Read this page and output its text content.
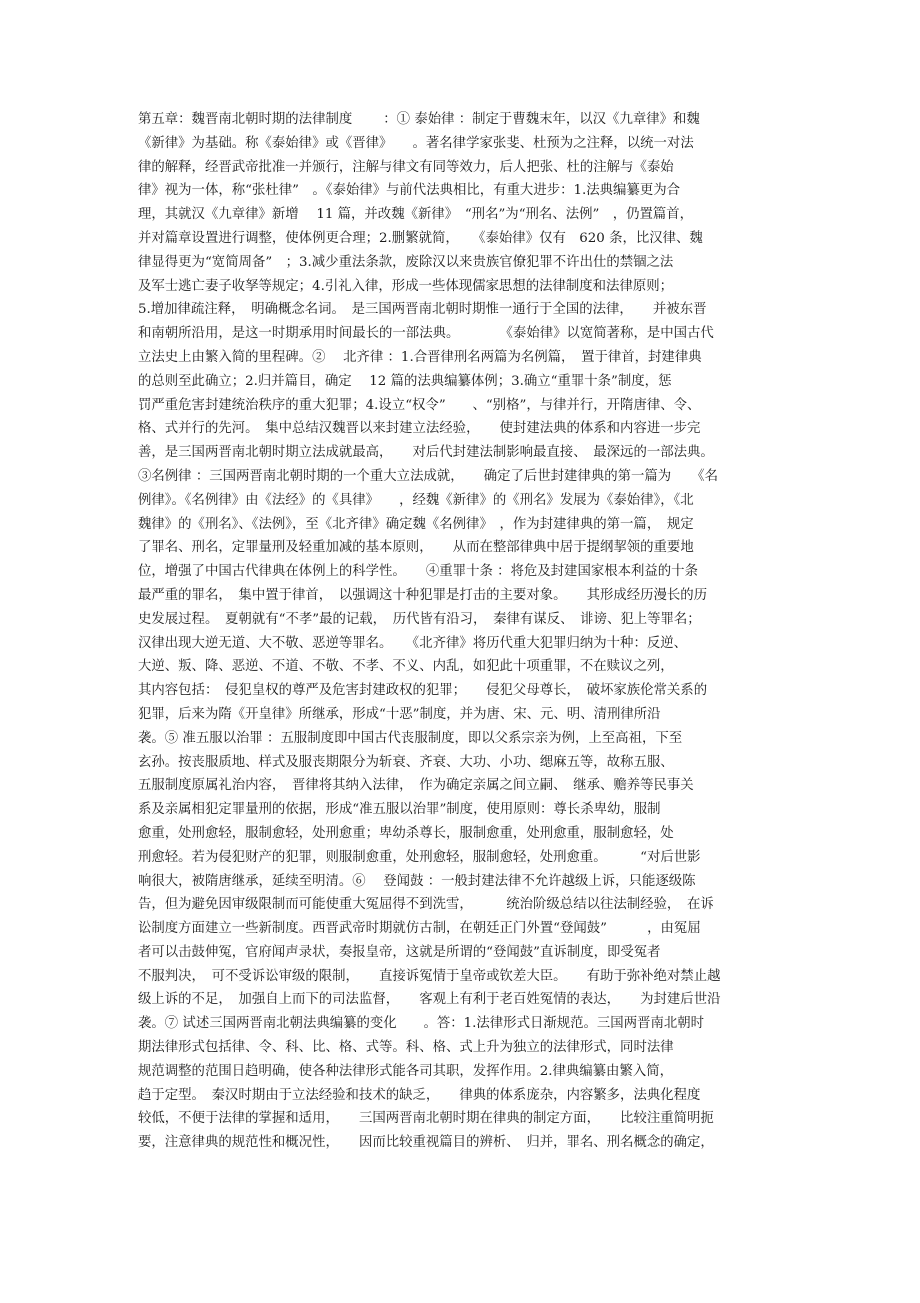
第五章：魏晋南北朝时期的法律制度　　 ：① 泰始律 ：制定于曹魏末年，以汉《九章律》和魏
《新律》为基础。称《泰始律》或《晋律》　　。著名律学家张斐、杜预为之注释，以统一对法
律的解释，经晋武帝批准一并颁行，注解与律文有同等效力，后人把张、杜的注解与《泰始
律》视为一体，称“张杜律”　。《泰始律》与前代法典相比，有重大进步：1.法典编纂更为合
理，其就汉《九章律》新增　 11 篇，并改魏《新律》　“刑名”为“刑名、法例”　，仍置篇首，
并对篇章设置进行调整，使体例更合理；2.删繁就简，　　《泰始律》仅有　620 条，比汉律、魏
律显得更为“宽简周备”　；3.减少重法条款，废除汉以来贵族官僚犯罪不许出仕的禁锢之法
及军士逃亡妻子收孥等规定；4.引礼入律，形成一些体现儒家思想的法律制度和法律原则；
5.增加律疏注释，　明确概念名词。　是三国两晋南北朝时期惟一通行于全国的法律，　　并被东晋
和南朝所沿用，是这一时期承用时间最长的一部法典。　　　　《泰始律》以宽简著称，是中国古代
立法史上由繁入简的里程碑。②　 北齐律 ：1.合晋律刑名两篇为名例篇，　置于律首，封建律典
的总则至此确立；2.归并篇目，确定　 12 篇的法典编纂体例；3.确立“重罪十条”制度，惩
罚严重危害封建统治秩序的重大犯罪；4.设立“权令”　　、“别格”，与律并行，开隋唐律、令、
格、式并行的先河。　集中总结汉魏晋以来封建立法经验，　　使封建法典的体系和内容进一步完
善，是三国两晋南北朝时期立法成就最高，　　对后代封建法制影响最直接、　最深远的一部法典。
③名例律 ：三国两晋南北朝时期的一个重大立法成就，　　确定了后世封建律典的第一篇为　　《名
例律》。《名例律》由《法经》的《具律》　　，经魏《新律》的《刑名》发展为《泰始律》，《北
魏律》的《刑名》、《法例》，至《北齐律》确定魏《名例律》　，作为封建律典的第一篇，　规定
了罪名、刑名，定罪量刑及轻重加减的基本原则，　　从而在整部律典中居于提纲挈领的重要地
位，增强了中国古代律典在体例上的科学性。　　④重罪十条 ：将危及封建国家根本利益的十条
最严重的罪名，　集中置于律首，　以强调这十种犯罪是打击的主要对象。　　其形成经历漫长的历
史发展过程。　夏朝就有“不孝”最的记载，　历代皆有沿习，　秦律有谋反、　诽谤、犯上等罪名；
汉律出现大逆无道、大不敬、恶逆等罪名。　　《北齐律》将历代重大犯罪归纳为十种：反逆、
大逆、叛、降、恶逆、不道、不敬、不孝、不义、内乱，如犯此十项重罪，不在赎议之列，
其内容包括：　侵犯皇权的尊严及危害封建政权的犯罪；　　侵犯父母尊长，　破坏家族伦常关系的
犯罪，后来为隋《开皇律》所继承，形成“十恶”制度，并为唐、宋、元、明、清刑律所沿
袭。⑤ 准五服以治罪 ：五服制度即中国古代丧服制度，即以父系宗亲为例，上至高祖，下至
玄孙。按丧服质地、样式及服丧期限分为斩衰、齐衰、大功、小功、缌麻五等，故称五服、
五服制度原属礼治内容，　晋律将其纳入法律，　作为确定亲属之间立嗣、　继承、赡养等民事关
系及亲属相犯定罪量刑的依据，形成“准五服以治罪”制度，使用原则：尊长杀卑幼，服制
愈重，处刑愈轻，服制愈轻，处刑愈重；卑幼杀尊长，服制愈重，处刑愈重，服制愈轻，处
刑愈轻。若为侵犯财产的犯罪，则服制愈重，处刑愈轻，服制愈轻，处刑愈重。　　　“对后世影
响很大，被隋唐继承，延续至明清。⑥　 登闻鼓 ：一般封建法律不允许越级上诉，只能逐级陈
告，但为避免因审级限制而可能使重大冤屈得不到洗雪，　　　统治阶级总结以往法制经验，　在诉
讼制度方面建立一些新制度。西晋武帝时期就仿古制，在朝廷正门外置“登闻鼓”　　　，由冤屈
者可以击鼓伸冤，官府闻声录状，奏报皇帝，这就是所谓的“登闻鼓”直诉制度，即受冤者
不服判决，　可不受诉讼审级的限制，　　直接诉冤情于皇帝或钦差大臣。　　有助于弥补绝对禁止越
级上诉的不足，　加强自上而下的司法监督，　　客观上有利于老百姓冤情的表达，　　为封建后世沿
袭。⑦ 试述三国两晋南北朝法典编纂的变化　　。答：1.法律形式日渐规范。三国两晋南北朝时
期法律形式包括律、令、科、比、格、式等。科、格、式上升为独立的法律形式，同时法律
规范调整的范围日趋明确，使各种法律形式能各司其职，发挥作用。2.律典编纂由繁入简，
趋于定型。　秦汉时期由于立法经验和技术的缺乏，　　律典的体系庞杂，内容繁多，法典化程度
较低，不便于法律的掌握和适用，　　三国两晋南北朝时期在律典的制定方面，　　比较注重简明扼
要，注意律典的规范性和概况性，　　因而比较重视篇目的辨析、　归并，罪名、刑名概念的确定，
